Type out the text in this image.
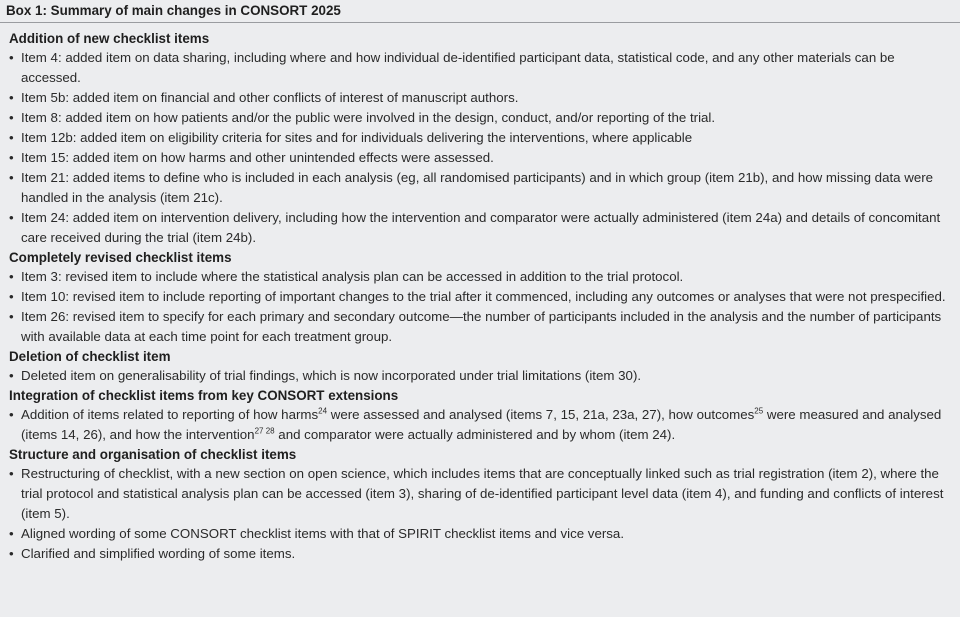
Box 1: Summary of main changes in CONSORT 2025
Addition of new checklist items
• Item 4: added item on data sharing, including where and how individual de-identified participant data, statistical code, and any other materials can be accessed.
• Item 5b: added item on financial and other conflicts of interest of manuscript authors.
• Item 8: added item on how patients and/or the public were involved in the design, conduct, and/or reporting of the trial.
• Item 12b: added item on eligibility criteria for sites and for individuals delivering the interventions, where applicable
• Item 15: added item on how harms and other unintended effects were assessed.
• Item 21: added items to define who is included in each analysis (eg, all randomised participants) and in which group (item 21b), and how missing data were handled in the analysis (item 21c).
• Item 24: added item on intervention delivery, including how the intervention and comparator were actually administered (item 24a) and details of concomitant care received during the trial (item 24b).
Completely revised checklist items
• Item 3: revised item to include where the statistical analysis plan can be accessed in addition to the trial protocol.
• Item 10: revised item to include reporting of important changes to the trial after it commenced, including any outcomes or analyses that were not prespecified.
• Item 26: revised item to specify for each primary and secondary outcome—the number of participants included in the analysis and the number of participants with available data at each time point for each treatment group.
Deletion of checklist item
• Deleted item on generalisability of trial findings, which is now incorporated under trial limitations (item 30).
Integration of checklist items from key CONSORT extensions
• Addition of items related to reporting of how harms$^{24}$ were assessed and analysed (items 7, 15, 21a, 23a, 27), how outcomes$^{25}$ were measured and analysed (items 14, 26), and how the intervention$^{27 28}$ and comparator were actually administered and by whom (item 24).
Structure and organisation of checklist items
• Restructuring of checklist, with a new section on open science, which includes items that are conceptually linked such as trial registration (item 2), where the trial protocol and statistical analysis plan can be accessed (item 3), sharing of de-identified participant level data (item 4), and funding and conflicts of interest (item 5).
• Aligned wording of some CONSORT checklist items with that of SPIRIT checklist items and vice versa.
• Clarified and simplified wording of some items.
